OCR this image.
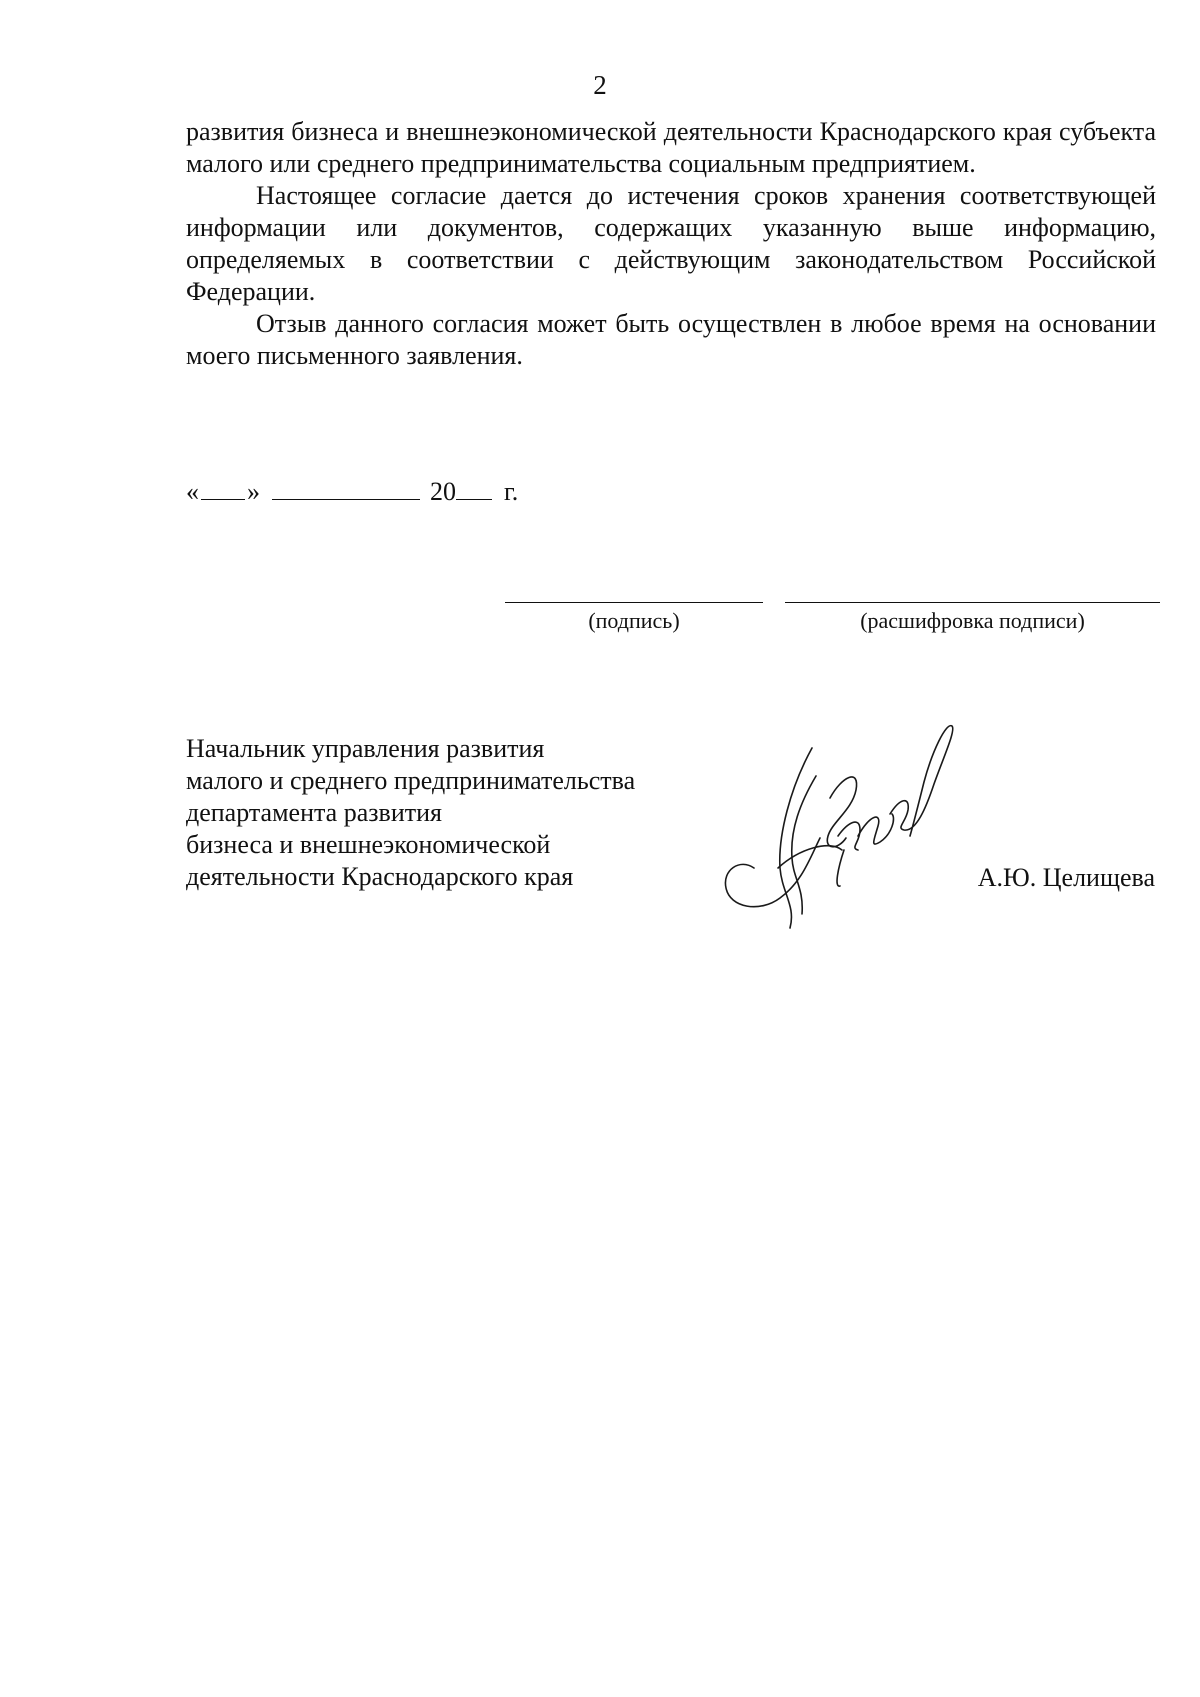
2

развития бизнеса и внешнеэкономической деятельности Краснодарского края субъекта малого или среднего предпринимательства социальным предприятием.

Настоящее согласие дается до истечения сроков хранения соответствующей информации или документов, содержащих указанную выше информацию, определяемых в соответствии с действующим законодательством Российской Федерации.

Отзыв данного согласия может быть осуществлен в любое время на основании моего письменного заявления.

« »	20 г.
(подпись)	(расшифровка подписи)
Начальник управления развития
малого и среднего предпринимательства
департамента развития
бизнеса и внешнеэкономической
деятельности Краснодарского края	А.Ю. Целищева
